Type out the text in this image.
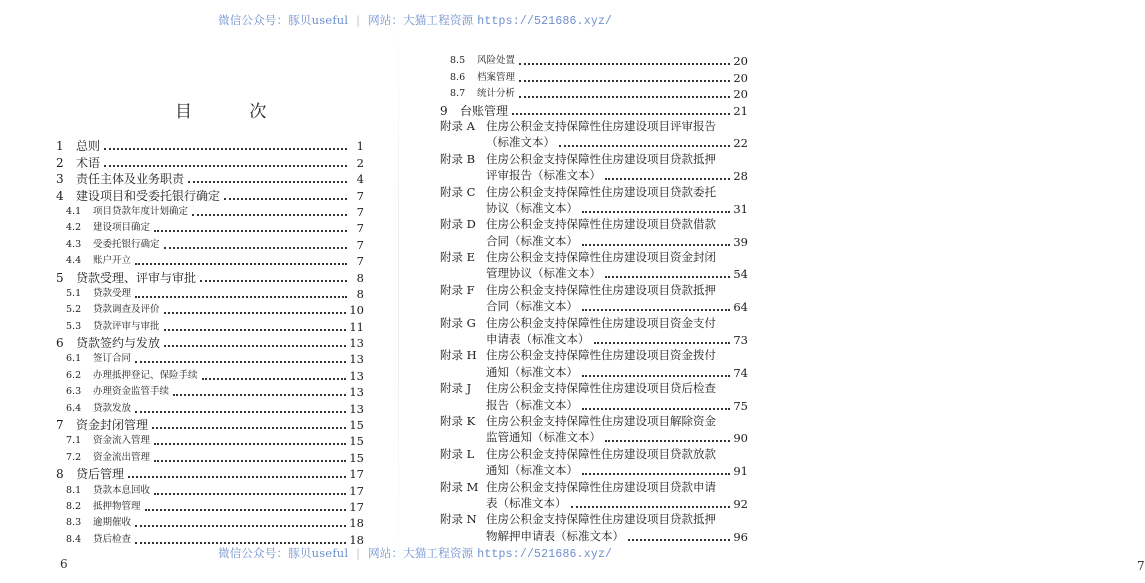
微信公众号：豚贝useful | 网站：大猫工程资源 https://521686.xyz/
目 次
1	总则	1
2	术语	2
3	责任主体及业务职责	4
4	建设项目和受委托银行确定	7
4.1	项目贷款年度计划确定	7
4.2	建设项目确定	7
4.3	受委托银行确定	7
4.4	账户开立	7
5	贷款受理、评审与审批	8
5.1	贷款受理	8
5.2	贷款调查及评价	10
5.3	贷款评审与审批	11
6	贷款签约与发放	13
6.1	签订合同	13
6.2	办理抵押登记、保险手续	13
6.3	办理资金监管手续	13
6.4	贷款发放	13
7	资金封闭管理	15
7.1	资金流入管理	15
7.2	资金流出管理	15
8	贷后管理	17
8.1	贷款本息回收	17
8.2	抵押物管理	17
8.3	逾期催收	18
8.4	贷后检查	18
6	7
8.5	风险处置	20
8.6	档案管理	20
8.7	统计分析	20
9	台账管理	21
附录 A 住房公积金支持保障性住房建设项目评审报告
（标准文本）	22
附录 B 住房公积金支持保障性住房建设项目贷款抵押
评审报告（标准文本）	28
附录 C 住房公积金支持保障性住房建设项目贷款委托
协议（标准文本）	31
附录 D 住房公积金支持保障性住房建设项目贷款借款
合同（标准文本）	39
附录 E 住房公积金支持保障性住房建设项目资金封闭
管理协议（标准文本）	54
附录 F 住房公积金支持保障性住房建设项目贷款抵押
合同（标准文本）	64
附录 G 住房公积金支持保障性住房建设项目资金支付
申请表（标准文本）	73
附录 H 住房公积金支持保障性住房建设项目资金拨付
通知（标准文本）	74
附录 J	住房公积金支持保障性住房建设项目贷后检查
报告（标准文本）	75
附录 K 住房公积金支持保障性住房建设项目解除资金
监管通知（标准文本）	90
附录 L	住房公积金支持保障性住房建设项目贷款放款
通知（标准文本）	91
附录 M 住房公积金支持保障性住房建设项目贷款申请
表（标准文本）	92
附录 N 住房公积金支持保障性住房建设项目贷款抵押
物解押申请表（标准文本）	96
微信公众号：豚贝useful | 网站：大猫工程资源 https://521686.xyz/
